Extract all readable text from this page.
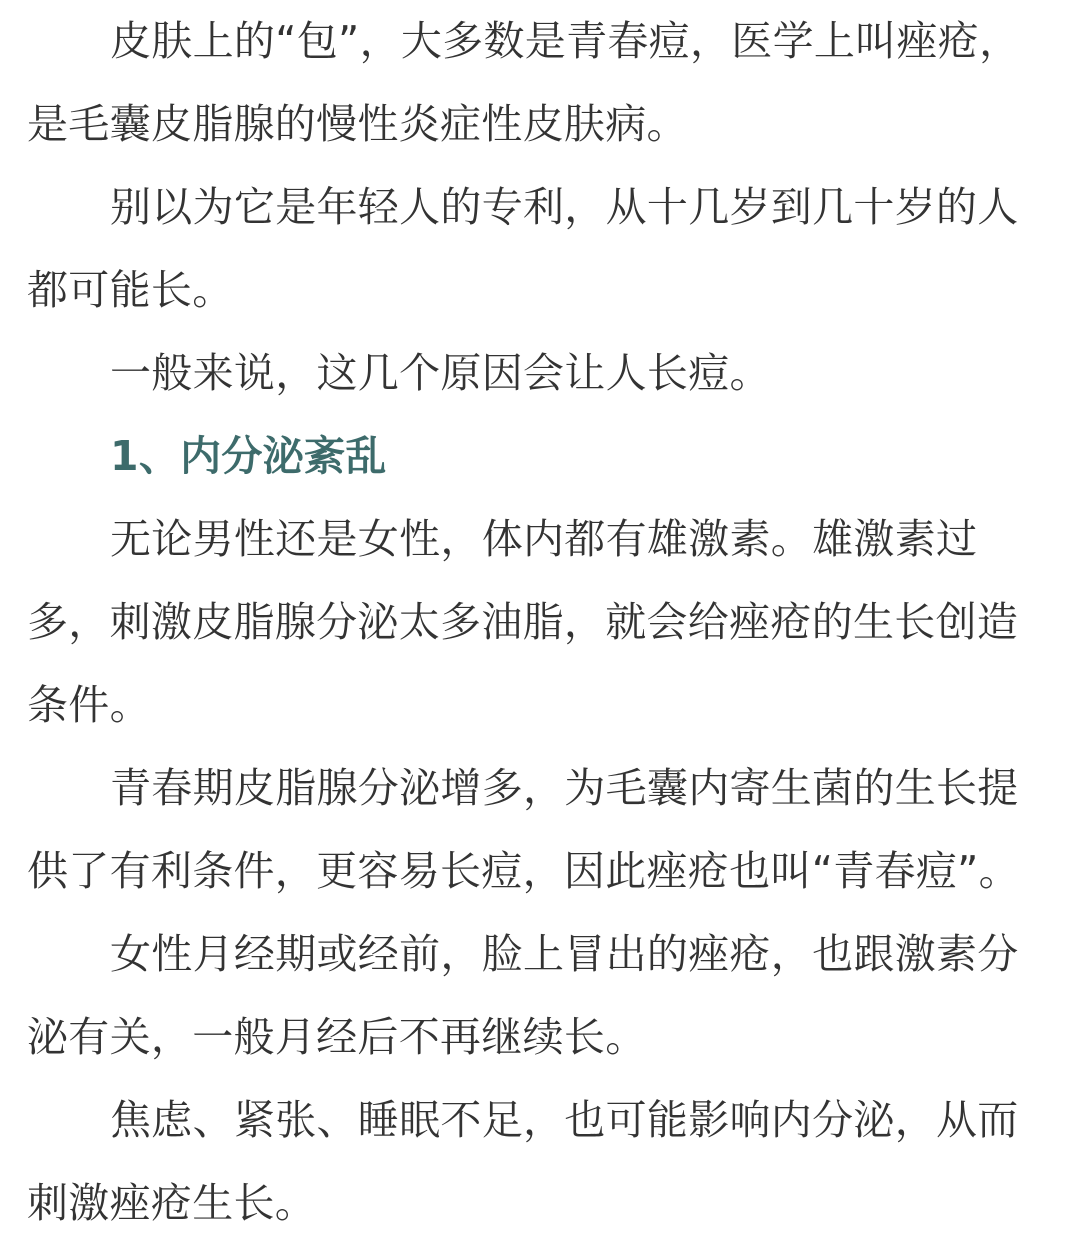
皮肤上的“包”，大多数是青春痘，医学上叫痤疮，
是毛囊皮脂腺的慢性炎症性皮肤病。
别以为它是年轻人的专利，从十几岁到几十岁的人
都可能长。
一般来说，这几个原因会让人长痘。
1、内分泌紊乱
无论男性还是女性，体内都有雄激素。雄激素过
多，刺激皮脂腺分泌太多油脂，就会给痤疮的生长创造
条件。
青春期皮脂腺分泌增多，为毛囊内寄生菌的生长提
供了有利条件，更容易长痘，因此痤疮也叫“青春痘”。
女性月经期或经前，脸上冒出的痤疮，也跟激素分
泌有关，一般月经后不再继续长。
焦虑、紧张、睡眠不足，也可能影响内分泌，从而
刺激痤疮生长。
